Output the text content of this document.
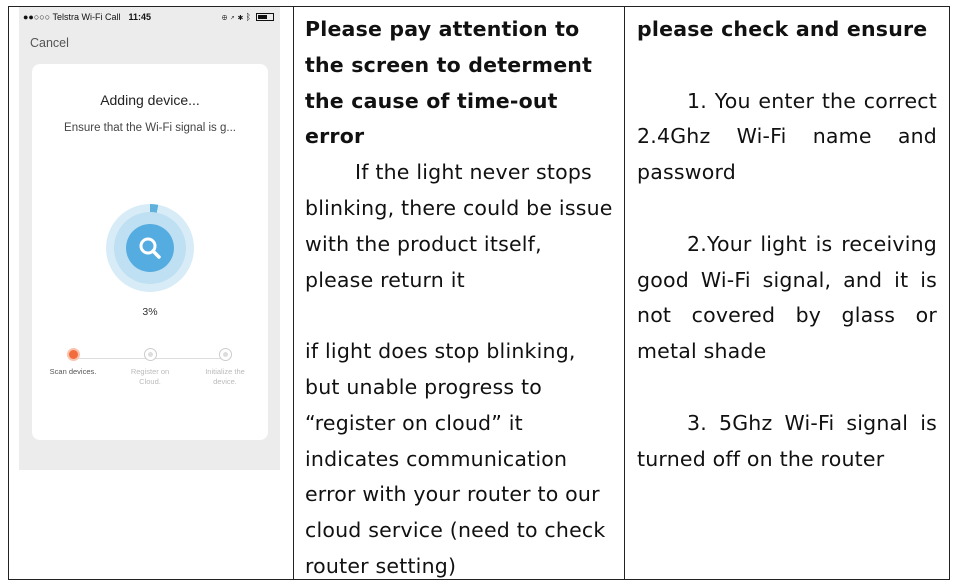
●●○○○ Telstra Wi-Fi Call 11:45	⊕ ↗ ✱ ᛒ
Cancel
Adding device...
Ensure that the Wi-Fi signal is g...
3%
Scan devices.	Register on Cloud.
Initialize the device.

Please pay attention to the screen to determent the cause of time-out error

If the light never stops blinking, there could be issue with the product itself, please return it

if light does stop blinking, but unable progress to “register on cloud” it indicates communication error with your router to our cloud service (need to check router setting)

please check and ensure

1. You enter the correct 2.4Ghz Wi-Fi name and password

2.Your light is receiving good Wi-Fi signal, and it is not covered by glass or metal shade

3. 5Ghz Wi-Fi signal is turned off on the router
